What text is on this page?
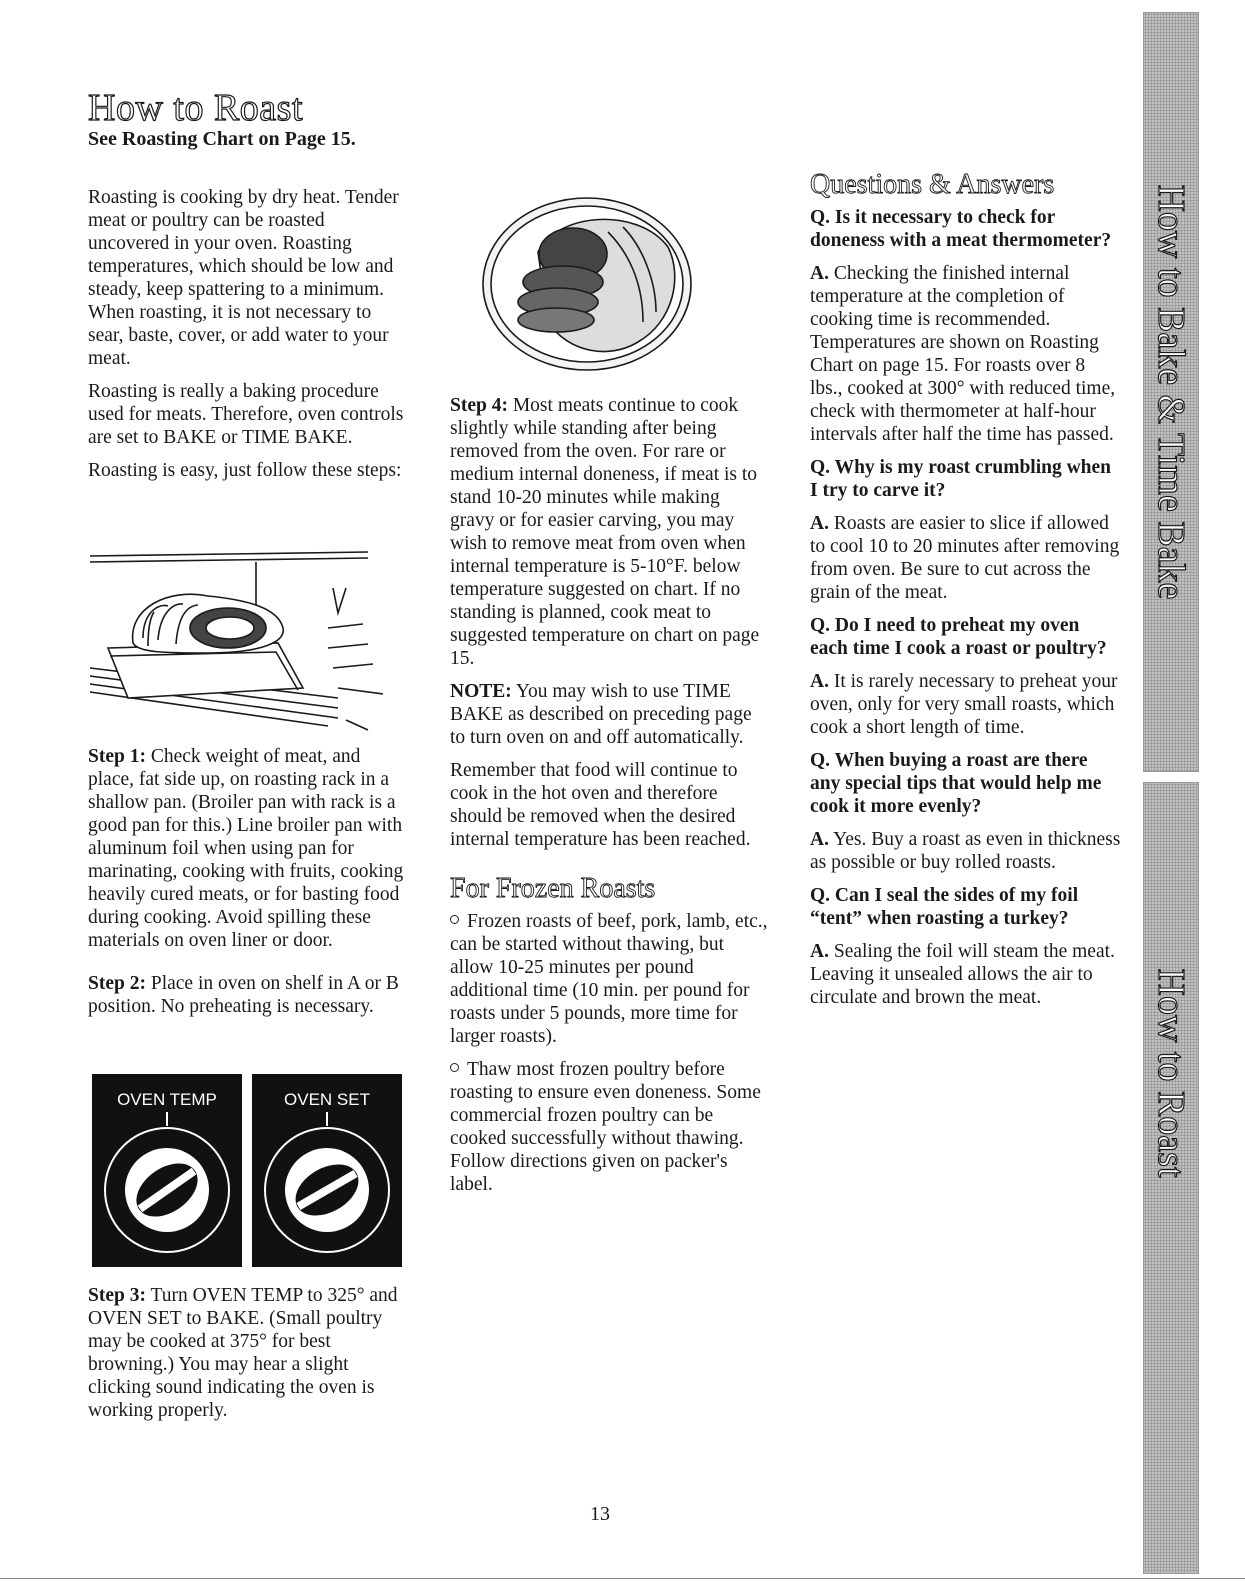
How to Roast
See Roasting Chart on Page 15.

Roasting is cooking by dry heat. Tender meat or poultry can be roasted uncovered in your oven. Roasting temperatures, which should be low and steady, keep spattering to a minimum. When roasting, it is not necessary to sear, baste, cover, or add water to your meat.

Roasting is really a baking procedure used for meats. Therefore, oven controls are set to BAKE or TIME BAKE.

Roasting is easy, just follow these steps:

Step 1: Check weight of meat, and place, fat side up, on roasting rack in a shallow pan. (Broiler pan with rack is a good pan for this.) Line broiler pan with aluminum foil when using pan for marinating, cooking with fruits, cooking heavily cured meats, or for basting food during cooking. Avoid spilling these materials on oven liner or door.

Step 2: Place in oven on shelf in A or B position. No preheating is necessary.

OVEN TEMP	OVEN SET

Step 3: Turn OVEN TEMP to 325° and OVEN SET to BAKE. (Small poultry may be cooked at 375° for best browning.) You may hear a slight clicking sound indicating the oven is working properly.

Step 4: Most meats continue to cook slightly while standing after being removed from the oven. For rare or medium internal doneness, if meat is to stand 10-20 minutes while making gravy or for easier carving, you may wish to remove meat from oven when internal temperature is 5-10°F. below temperature suggested on chart. If no standing is planned, cook meat to suggested temperature on chart on page 15.

NOTE: You may wish to use TIME BAKE as described on preceding page to turn oven on and off automatically.

Remember that food will continue to cook in the hot oven and therefore should be removed when the desired internal temperature has been reached.

For Frozen Roasts

Frozen roasts of beef, pork, lamb, etc., can be started without thawing, but allow 10-25 minutes per pound additional time (10 min. per pound for roasts under 5 pounds, more time for larger roasts).

Thaw most frozen poultry before roasting to ensure even doneness. Some commercial frozen poultry can be cooked successfully without thawing. Follow directions given on packer's label.

Questions & Answers

Q. Is it necessary to check for doneness with a meat thermometer?

A. Checking the finished internal temperature at the completion of cooking time is recommended. Temperatures are shown on Roasting Chart on page 15. For roasts over 8 lbs., cooked at 300° with reduced time, check with thermometer at half-hour intervals after half the time has passed.

Q. Why is my roast crumbling when I try to carve it?

A. Roasts are easier to slice if allowed to cool 10 to 20 minutes after removing from oven. Be sure to cut across the grain of the meat.

Q. Do I need to preheat my oven each time I cook a roast or poultry?

A. It is rarely necessary to preheat your oven, only for very small roasts, which cook a short length of time.

Q. When buying a roast are there any special tips that would help me cook it more evenly?

A. Yes. Buy a roast as even in thickness as possible or buy rolled roasts.

Q. Can I seal the sides of my foil “tent” when roasting a turkey?

A. Sealing the foil will steam the meat. Leaving it unsealed allows the air to circulate and brown the meat.

How to Bake & Time Bake
How to Roast
13
